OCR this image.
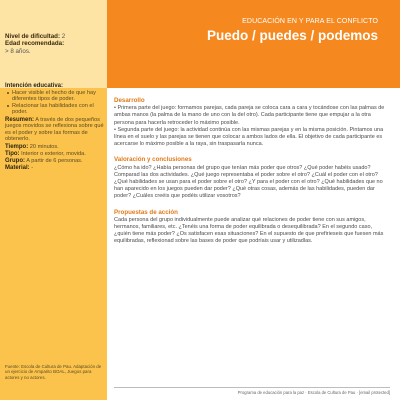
Nivel de dificultad: 2
Edad recomendada:
> 8 años.
Intención educativa:
Hacer visible el hecho de que hay diferentes tipos de poder.
Relacionar las habilidades con el poder.
Resumen: A través de dos pequeños juegos movidos se reflexiona sobre qué es el poder y sobre las formas de obtenerlo.
Tiempo: 20 minutos.
Tipo: Interior o exterior, movida.
Grupo: A partir de 6 personas.
Material: -
Fuente: Escola de Cultura de Pau. Adaptación de un ejercicio de Amparito BOAL, Juegos para actores y no actores.
EDUCACIÓN EN Y PARA EL CONFLICTO
Puedo / puedes / podemos
Desarrollo

• Primera parte del juego: formamos parejas, cada pareja se coloca cara a cara y tocándose con las palmas de ambas manos (la palma de la mano de uno con la del otro). Cada participante tiene que empujar a la otra persona para hacerla retroceder lo máximo posible.

• Segunda parte del juego: la actividad continúa con las mismas parejas y en la misma posición. Pintamos una línea en el suelo y las parejas se tienen que colocar a ambos lados de ella. El objetivo de cada participante es acercarse lo máximo posible a la raya, sin traspasarla nunca.

Valoración y conclusiones

¿Cómo ha ido? ¿Había personas del grupo que tenían más poder que otros? ¿Qué poder habéis usado? Comparad las dos actividades. ¿Qué juego representaba el poder sobre el otro? ¿Cuál el poder con el otro? ¿Qué habilidades se usan para el poder sobre el otro? ¿Y para el poder con el otro? ¿Qué habilidades que no han aparecido en los juegos pueden dar poder? ¿Qué otras cosas, además de las habilidades, pueden dar poder? ¿Cuáles creéis que podéis utilizar vosotros?

Propuestas de acción

Cada persona del grupo individualmente puede analizar qué relaciones de poder tiene con sus amigos, hermanos, familiares, etc. ¿Tenéis una forma de poder equilibrada o desequilibrada? En el segundo caso, ¿quién tiene más poder? ¿Os satisfacen esas situaciones? En el supuesto de que prefirieseis que fuesen más equilibradas, reflexionad sobre las bases de poder que podríais usar y utilizadlas.

Programa de educación para la paz · Escola de Cultura de Pau · [email protected]
